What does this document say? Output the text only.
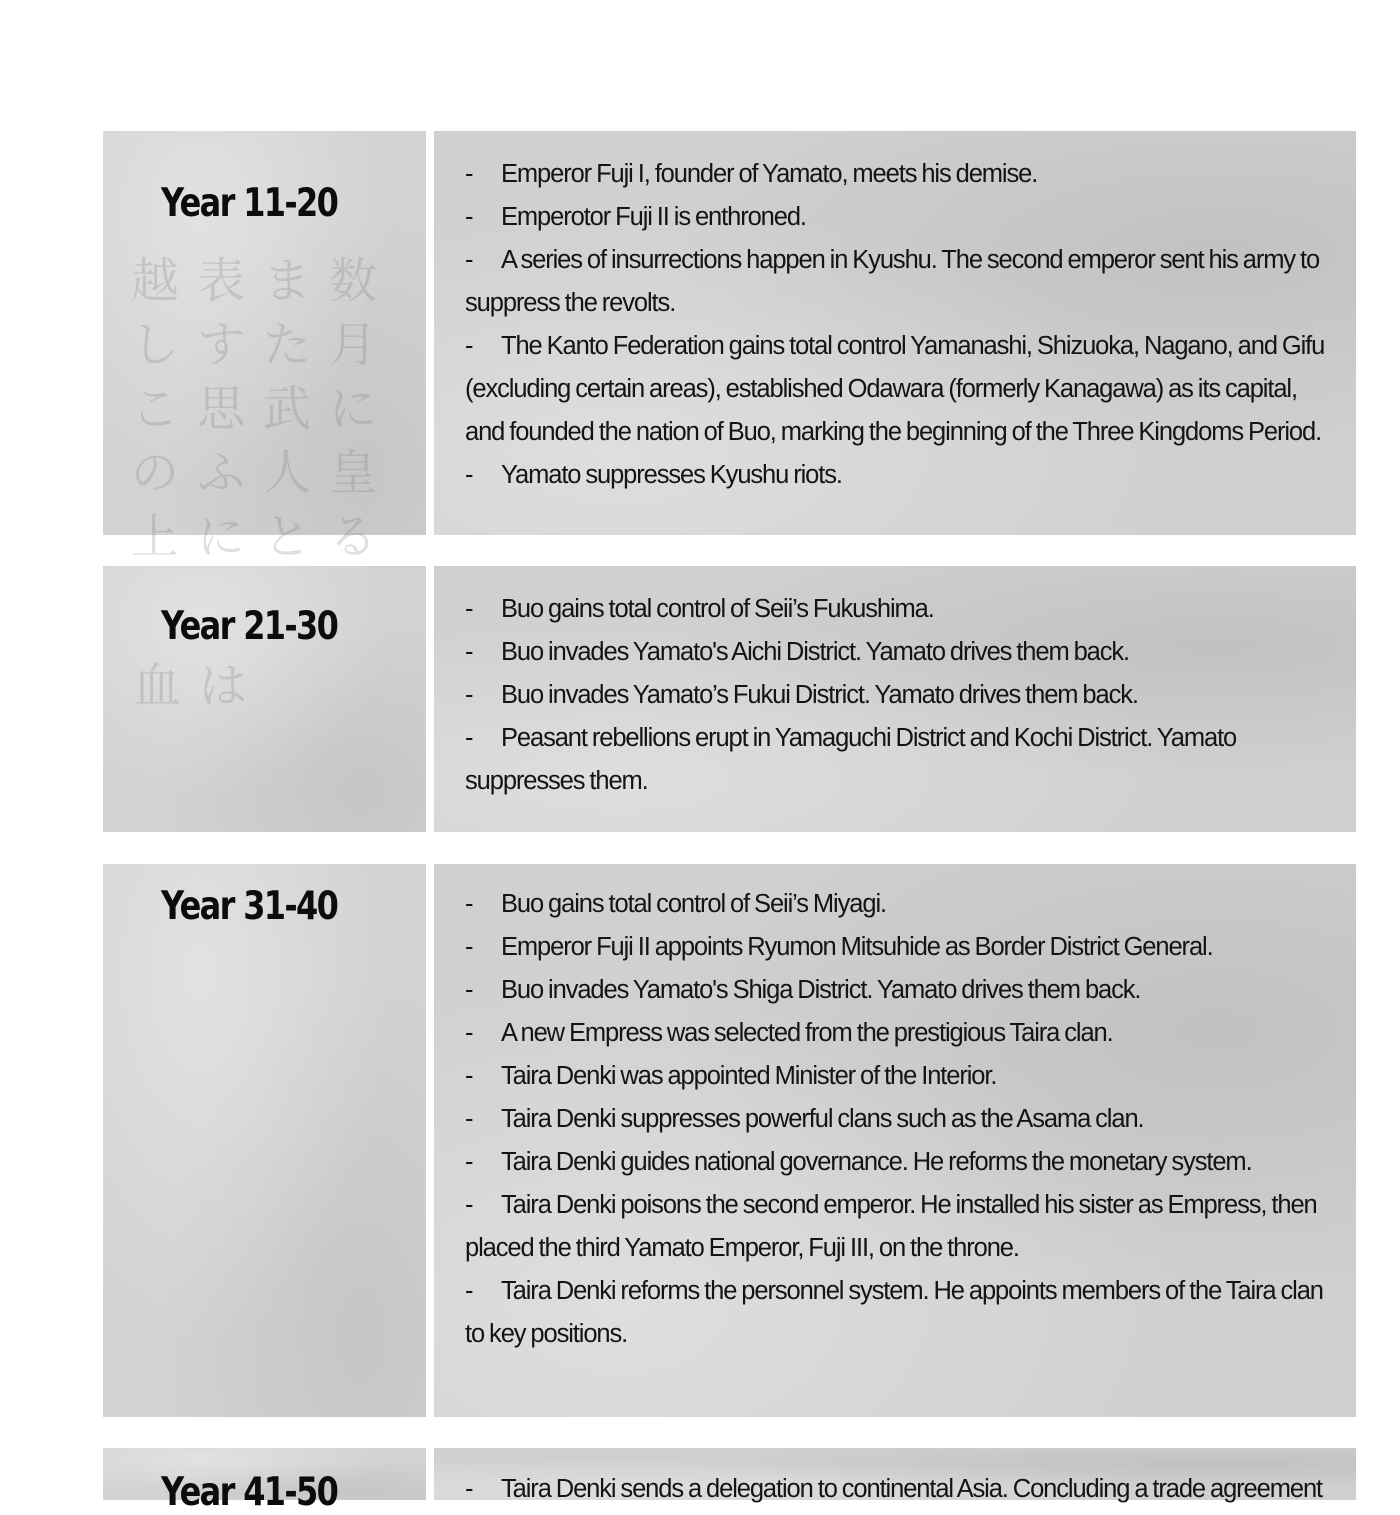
越表ま数
しすた月
こ思武に
のふ人皇
上にとる
Year 11-20
- Emperor Fuji I, founder of Yamato, meets his demise.
- Emperotor Fuji II is enthroned.
- A series of insurrections happen in Kyushu. The second emperor sent his army to suppress the revolts.
- The Kanto Federation gains total control Yamanashi, Shizuoka, Nagano, and Gifu (excluding certain areas), established Odawara (formerly Kanagawa) as its capital, and founded the nation of Buo, marking the beginning of the Three Kingdoms Period.
- Yamato suppresses Kyushu riots.
血は
Year 21-30	- Buo gains total control of Seii’s Fukushima.
- Buo invades Yamato's Aichi District. Yamato drives them back.
- Buo invades Yamato’s Fukui District. Yamato drives them back.
- Peasant rebellions erupt in Yamaguchi District and Kochi District. Yamato suppresses them.
Year 31-40	- Buo gains total control of Seii’s Miyagi.
- Emperor Fuji II appoints Ryumon Mitsuhide as Border District General.
- Buo invades Yamato's Shiga District. Yamato drives them back.
- A new Empress was selected from the prestigious Taira clan.
- Taira Denki was appointed Minister of the Interior.
- Taira Denki suppresses powerful clans such as the Asama clan.
- Taira Denki guides national governance. He reforms the monetary system.
- Taira Denki poisons the second emperor. He installed his sister as Empress, then placed the third Yamato Emperor, Fuji III, on the throne.
- Taira Denki reforms the personnel system. He appoints members of the Taira clan to key positions.
Year 41-50	- Taira Denki sends a delegation to continental Asia. Concluding a trade agreement
